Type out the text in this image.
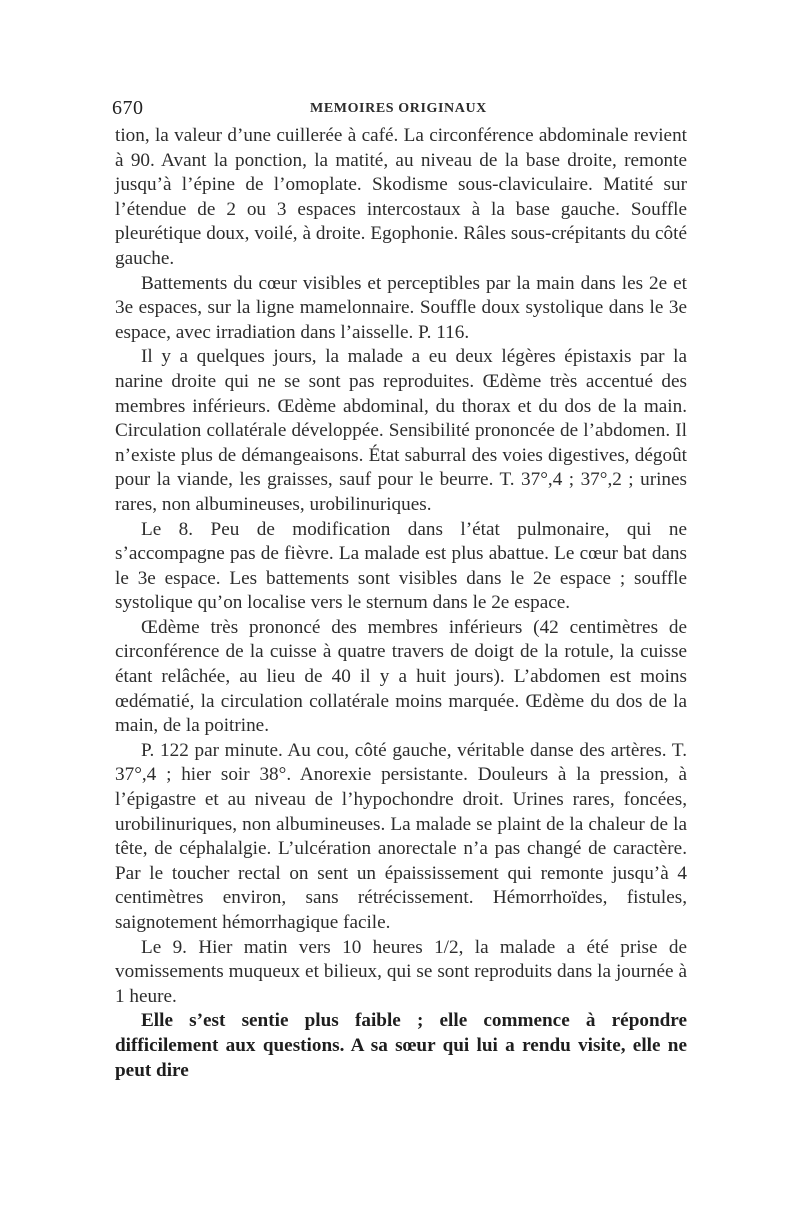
670	MEMOIRES ORIGINAUX

tion, la valeur d’une cuillerée à café. La circonférence abdominale revient à 90. Avant la ponction, la matité, au niveau de la base droite, remonte jusqu’à l’épine de l’omoplate. Skodisme sous-claviculaire. Matité sur l’étendue de 2 ou 3 espaces intercostaux à la base gauche. Souffle pleurétique doux, voilé, à droite. Egophonie. Râles sous-crépitants du côté gauche.

Battements du cœur visibles et perceptibles par la main dans les 2e et 3e espaces, sur la ligne mamelonnaire. Souffle doux systolique dans le 3e espace, avec irradiation dans l’aisselle. P. 116.

Il y a quelques jours, la malade a eu deux légères épistaxis par la narine droite qui ne se sont pas reproduites. Œdème très accentué des membres inférieurs. Œdème abdominal, du thorax et du dos de la main. Circulation collatérale développée. Sensibilité prononcée de l’abdomen. Il n’existe plus de démangeaisons. État saburral des voies digestives, dégoût pour la viande, les graisses, sauf pour le beurre. T. 37°,4 ; 37°,2 ; urines rares, non albumineuses, urobilinuriques.

Le 8. Peu de modification dans l’état pulmonaire, qui ne s’accompagne pas de fièvre. La malade est plus abattue. Le cœur bat dans le 3e espace. Les battements sont visibles dans le 2e espace ; souffle systolique qu’on localise vers le sternum dans le 2e espace.

Œdème très prononcé des membres inférieurs (42 centimètres de circonférence de la cuisse à quatre travers de doigt de la rotule, la cuisse étant relâchée, au lieu de 40 il y a huit jours). L’abdomen est moins œdématié, la circulation collatérale moins marquée. Œdème du dos de la main, de la poitrine.

P. 122 par minute. Au cou, côté gauche, véritable danse des artères. T. 37°,4 ; hier soir 38°. Anorexie persistante. Douleurs à la pression, à l’épigastre et au niveau de l’hypochondre droit. Urines rares, foncées, urobilinuriques, non albumineuses. La malade se plaint de la chaleur de la tête, de céphalalgie. L’ulcération anorectale n’a pas changé de caractère. Par le toucher rectal on sent un épaississement qui remonte jusqu’à 4 centimètres environ, sans rétrécissement. Hémorrhoïdes, fistules, saignotement hémorrhagique facile.

Le 9. Hier matin vers 10 heures 1/2, la malade a été prise de vomissements muqueux et bilieux, qui se sont reproduits dans la journée à 1 heure.

Elle s’est sentie plus faible ; elle commence à répondre difficilement aux questions. A sa sœur qui lui a rendu visite, elle ne peut dire
